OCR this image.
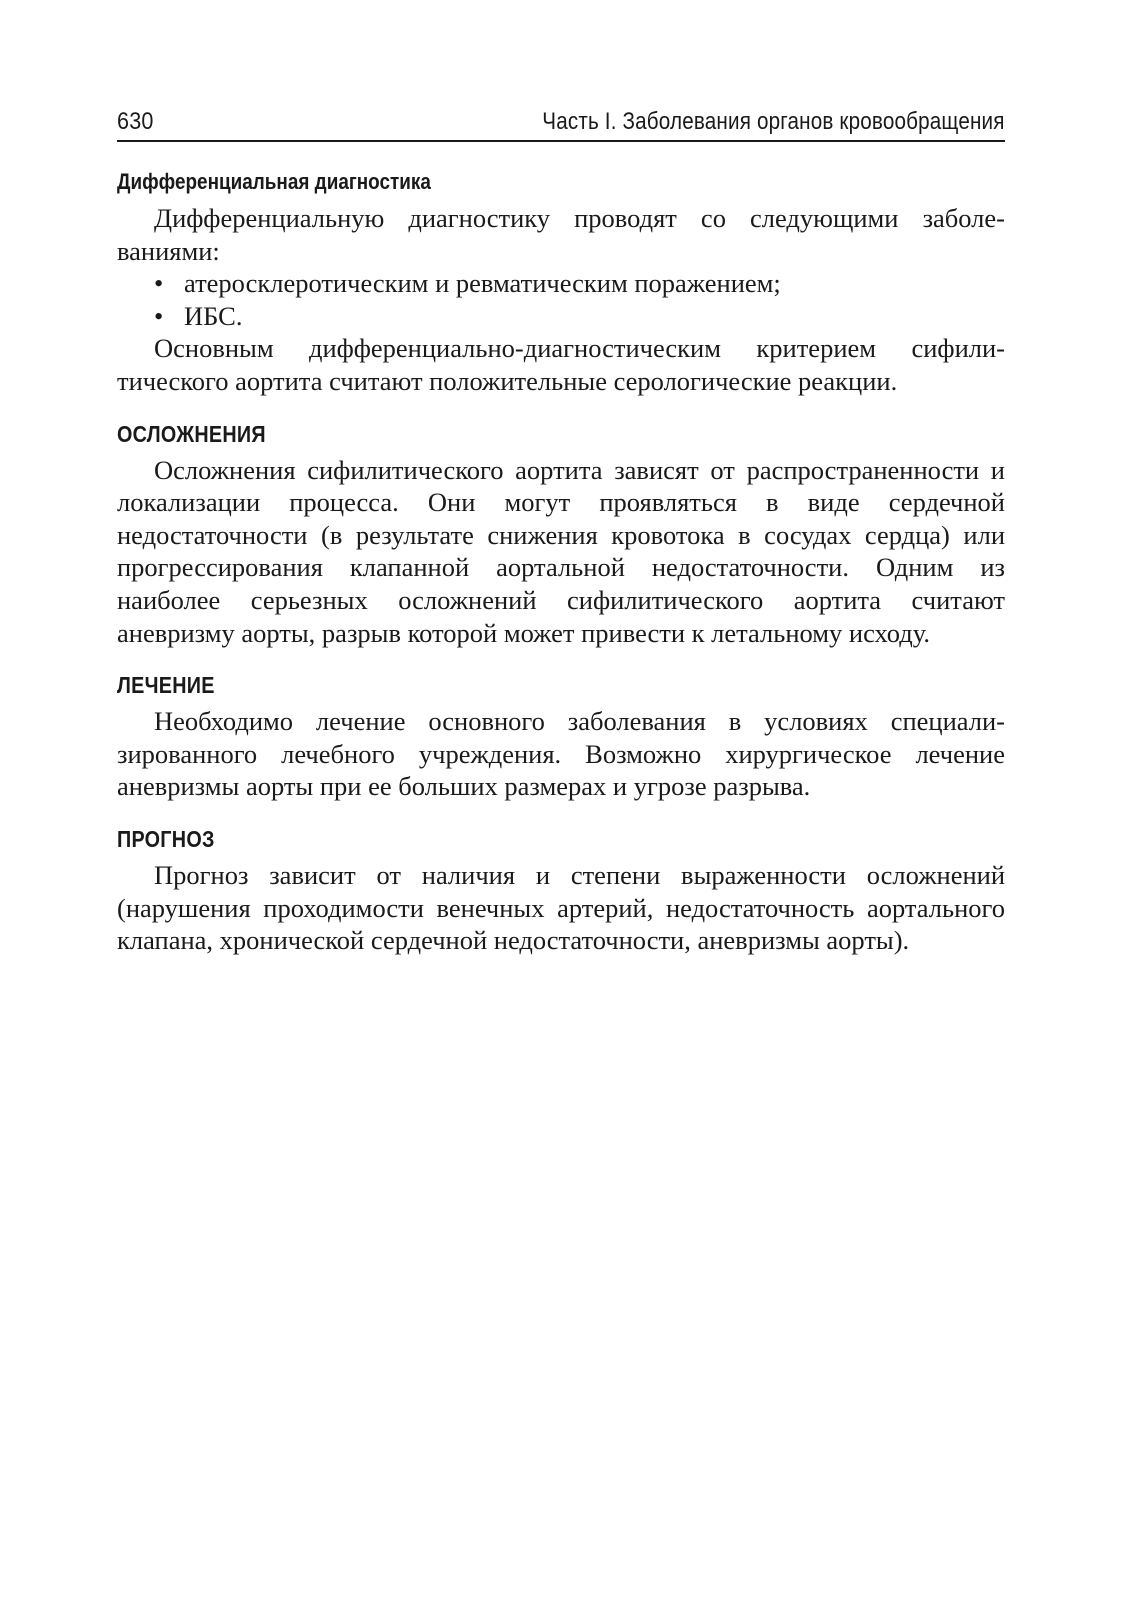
630	Часть I. Заболевания органов кровообращения
Дифференциальная диагностика

Дифференциальную диагностику проводят со следующими заболеваниями:

• атеросклеротическим и ревматическим поражением;
• ИБС.

Основным дифференциально-диагностическим критерием сифилитического аортита считают положительные серологические реакции.

ОСЛОЖНЕНИЯ

Осложнения сифилитического аортита зависят от распространенности и локализации процесса. Они могут проявляться в виде сердечной недостаточности (в результате снижения кровотока в сосудах сердца) или прогрессирования клапанной аортальной недостаточности. Одним из наиболее серьезных осложнений сифилитического аортита считают аневризму аорты, разрыв которой может привести к летальному исходу.

ЛЕЧЕНИЕ

Необходимо лечение основного заболевания в условиях специализированного лечебного учреждения. Возможно хирургическое лечение аневризмы аорты при ее больших размерах и угрозе разрыва.

ПРОГНОЗ

Прогноз зависит от наличия и степени выраженности осложнений (нарушения проходимости венечных артерий, недостаточность аортального клапана, хронической сердечной недостаточности, аневризмы аорты).
